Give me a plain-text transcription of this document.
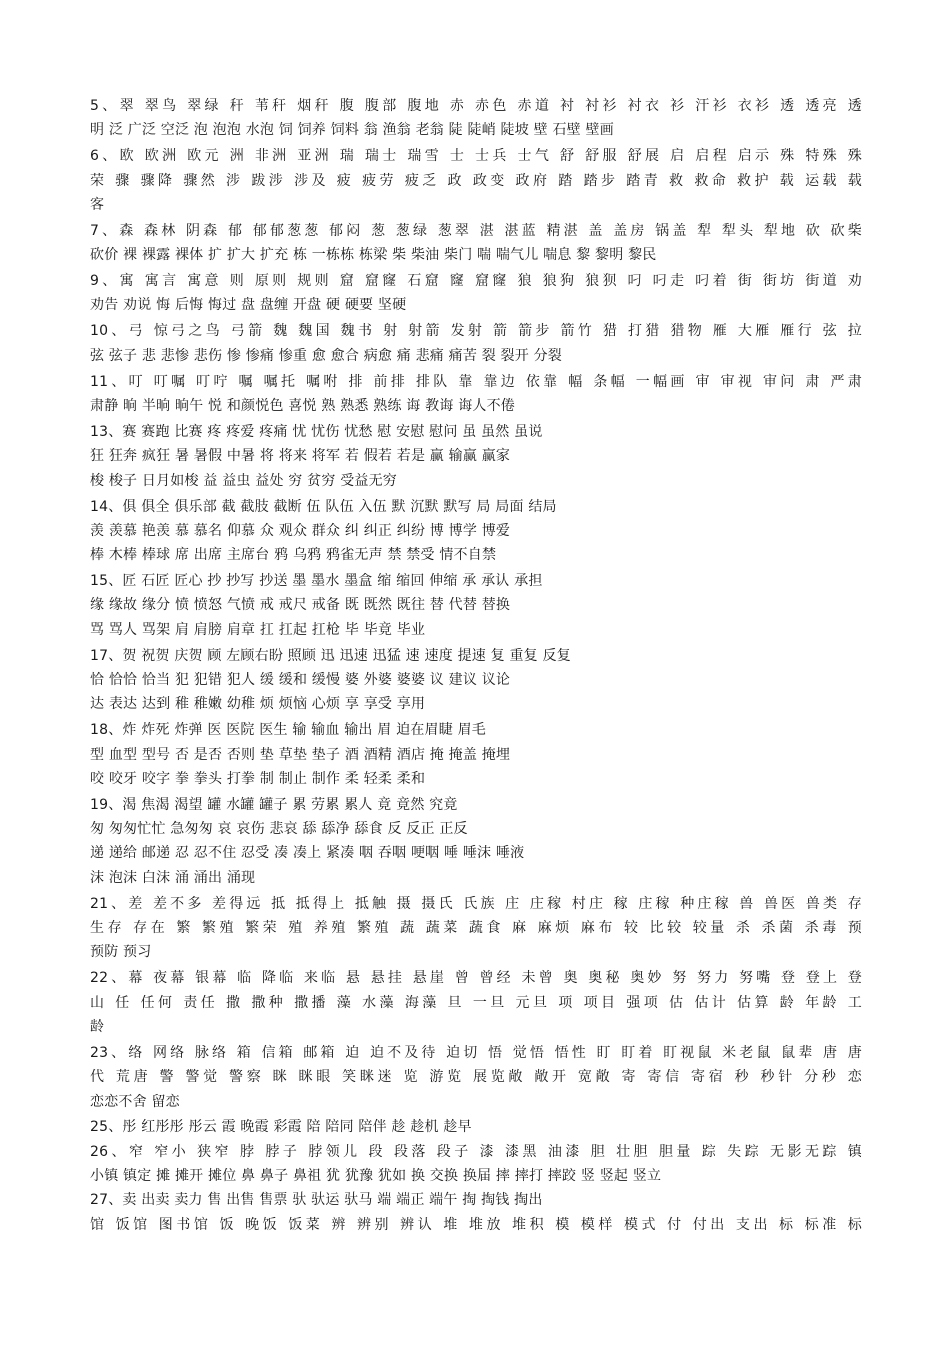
5、翠 翠鸟 翠绿 秆 苇秆 烟秆 腹 腹部 腹地 赤 赤色 赤道 衬 衬衫 衬衣 衫 汗衫 衣衫 透 透亮 透
明 泛 广泛 空泛 泡 泡泡 水泡 饲 饲养 饲料 翁 渔翁 老翁 陡 陡峭 陡坡 壁 石壁 壁画
6、欧 欧洲 欧元 洲 非洲 亚洲 瑞 瑞士 瑞雪 士 士兵 士气 舒 舒服 舒展 启 启程 启示 殊 特殊 殊
荣 骤 骤降 骤然 涉 跋涉 涉及 疲 疲劳 疲乏 政 政变 政府 踏 踏步 踏青 救 救命 救护 载 运载 载
客
7、森 森林 阴森 郁 郁郁葱葱 郁闷 葱 葱绿 葱翠 湛 湛蓝 精湛 盖 盖房 锅盖 犁 犁头 犁地 砍 砍柴
砍价 裸 裸露 裸体 扩 扩大 扩充 栋 一栋栋 栋梁 柴 柴油 柴门 喘 喘气儿 喘息 黎 黎明 黎民
9、寓 寓言 寓意 则 原则 规则 窟 窟窿 石窟 窿 窟窿 狼 狼狗 狼狈 叼 叼走 叼着 街 街坊 街道 劝
劝告 劝说 悔 后悔 悔过 盘 盘缠 开盘 硬 硬要 坚硬
10、弓 惊弓之鸟 弓箭 魏 魏国 魏书 射 射箭 发射 箭 箭步 箭竹 猎 打猎 猎物 雁 大雁 雁行 弦 拉
弦 弦子 悲 悲惨 悲伤 惨 惨痛 惨重 愈 愈合 病愈 痛 悲痛 痛苦 裂 裂开 分裂
11、叮 叮嘱 叮咛 嘱 嘱托 嘱咐 排 前排 排队 靠 靠边 依靠 幅 条幅 一幅画 审 审视 审问 肃 严肃
肃静 晌 半晌 晌午 悦 和颜悦色 喜悦 熟 熟悉 熟练 诲 教诲 诲人不倦
13、赛 赛跑 比赛 疼 疼爱 疼痛 忧 忧伤 忧愁 慰 安慰 慰问 虽 虽然 虽说
狂 狂奔 疯狂 暑 暑假 中暑 将 将来 将军 若 假若 若是 赢 输赢 赢家
梭 梭子 日月如梭 益 益虫 益处 穷 贫穷 受益无穷
14、俱 俱全 俱乐部 截 截肢 截断 伍 队伍 入伍 默 沉默 默写 局 局面 结局
羡 羡慕 艳羡 慕 慕名 仰慕 众 观众 群众 纠 纠正 纠纷 博 博学 博爱
棒 木棒 棒球 席 出席 主席台 鸦 乌鸦 鸦雀无声 禁 禁受 情不自禁
15、匠 石匠 匠心 抄 抄写 抄送 墨 墨水 墨盒 缩 缩回 伸缩 承 承认 承担
缘 缘故 缘分 愤 愤怒 气愤 戒 戒尺 戒备 既 既然 既往 替 代替 替换
骂 骂人 骂架 肩 肩膀 肩章 扛 扛起 扛枪 毕 毕竟 毕业
17、贺 祝贺 庆贺 顾 左顾右盼 照顾 迅 迅速 迅猛 速 速度 提速 复 重复 反复
恰 恰恰 恰当 犯 犯错 犯人 缓 缓和 缓慢 婆 外婆 婆婆 议 建议 议论
达 表达 达到 稚 稚嫩 幼稚 烦 烦恼 心烦 享 享受 享用
18、炸 炸死 炸弹 医 医院 医生 输 输血 输出 眉 迫在眉睫 眉毛
型 血型 型号 否 是否 否则 垫 草垫 垫子 酒 酒精 酒店 掩 掩盖 掩埋
咬 咬牙 咬字 拳 拳头 打拳 制 制止 制作 柔 轻柔 柔和
19、渴 焦渴 渴望 罐 水罐 罐子 累 劳累 累人 竟 竟然 究竟
匆 匆匆忙忙 急匆匆 哀 哀伤 悲哀 舔 舔净 舔食 反 反正 正反
递 递给 邮递 忍 忍不住 忍受 凑 凑上 紧凑 咽 吞咽 哽咽 唾 唾沫 唾液
沫 泡沫 白沫 涌 涌出 涌现
21、差 差不多 差得远 抵 抵得上 抵触 摄 摄氏 氏族 庄 庄稼 村庄 稼 庄稼 种庄稼 兽 兽医 兽类 存
生存 存在 繁 繁殖 繁荣 殖 养殖 繁殖 蔬 蔬菜 蔬食 麻 麻烦 麻布 较 比较 较量 杀 杀菌 杀毒 预
预防 预习
22、幕 夜幕 银幕 临 降临 来临 悬 悬挂 悬崖 曾 曾经 未曾 奥 奥秘 奥妙 努 努力 努嘴 登 登上 登
山 任 任何 责任 撒 撒种 撒播 藻 水藻 海藻 旦 一旦 元旦 项 项目 强项 估 估计 估算 龄 年龄 工
龄
23、络 网络 脉络 箱 信箱 邮箱 迫 迫不及待 迫切 悟 觉悟 悟性 盯 盯着 盯视鼠 米老鼠 鼠辈 唐 唐
代 荒唐 警 警觉 警察 眯 眯眼 笑眯迷 览 游览 展览敞 敞开 宽敞 寄 寄信 寄宿 秒 秒针 分秒 恋
恋恋不舍 留恋
25、彤 红彤彤 彤云 霞 晚霞 彩霞 陪 陪同 陪伴 趁 趁机 趁早
26、窄 窄小 狭窄 脖 脖子 脖领儿 段 段落 段子 漆 漆黑 油漆 胆 壮胆 胆量 踪 失踪 无影无踪 镇
小镇 镇定 摊 摊开 摊位 鼻 鼻子 鼻祖 犹 犹豫 犹如 换 交换 换届 摔 摔打 摔跤 竖 竖起 竖立
27、卖 出卖 卖力 售 出售 售票 驮 驮运 驮马 端 端正 端午 掏 掏钱 掏出
馆 饭馆 图书馆 饭 晚饭 饭菜 辨 辨别 辨认 堆 堆放 堆积 模 模样 模式 付 付出 支出 标 标准 标
